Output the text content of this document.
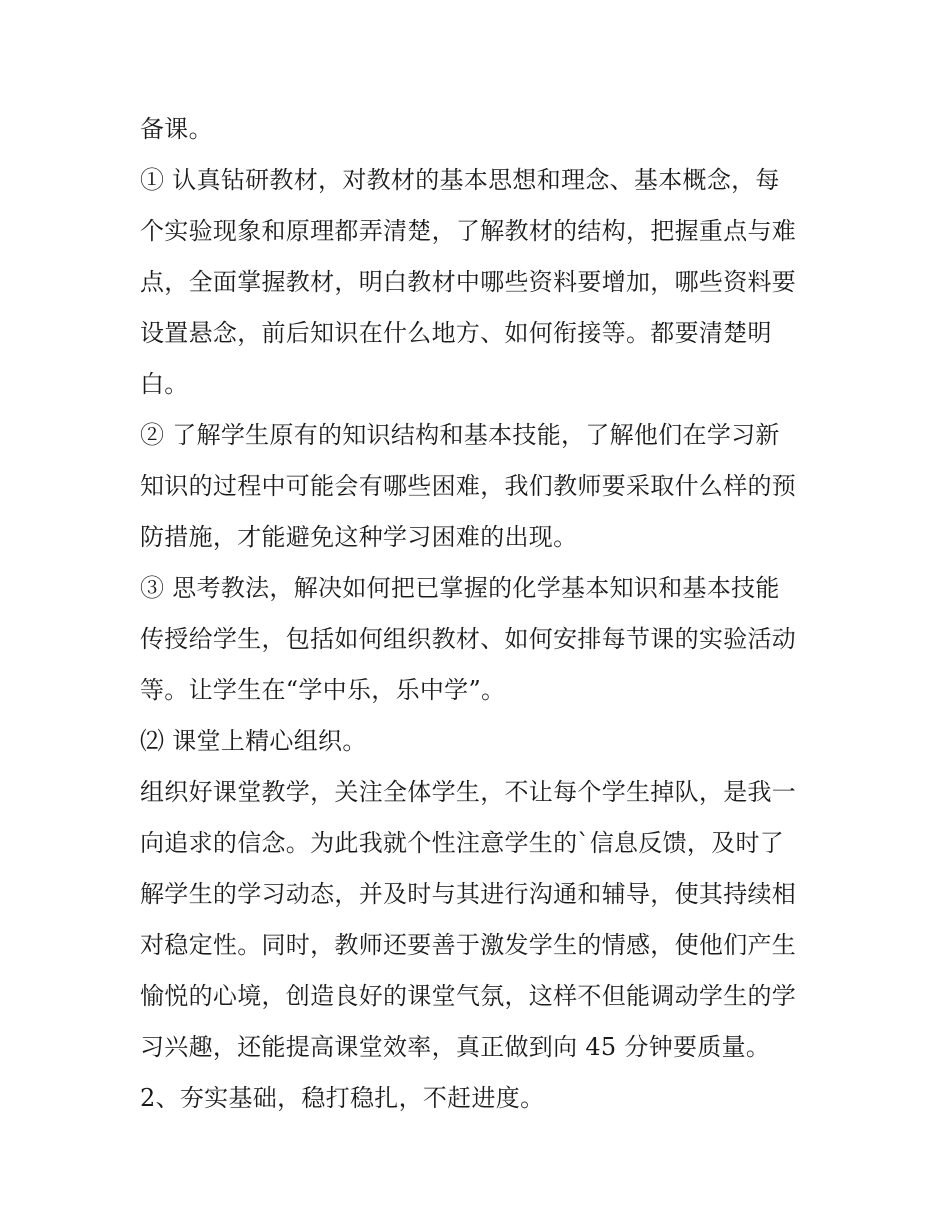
备课。
① 认真钻研教材，对教材的基本思想和理念、基本概念，每
个实验现象和原理都弄清楚，了解教材的结构，把握重点与难
点，全面掌握教材，明白教材中哪些资料要增加，哪些资料要
设置悬念，前后知识在什么地方、如何衔接等。都要清楚明
白。
② 了解学生原有的知识结构和基本技能，了解他们在学习新
知识的过程中可能会有哪些困难，我们教师要采取什么样的预
防措施，才能避免这种学习困难的出现。
③ 思考教法，解决如何把已掌握的化学基本知识和基本技能
传授给学生，包括如何组织教材、如何安排每节课的实验活动
等。让学生在“学中乐，乐中学”。
⑵ 课堂上精心组织。
组织好课堂教学，关注全体学生，不让每个学生掉队，是我一
向追求的信念。为此我就个性注意学生的`信息反馈，及时了
解学生的学习动态，并及时与其进行沟通和辅导，使其持续相
对稳定性。同时，教师还要善于激发学生的情感，使他们产生
愉悦的心境，创造良好的课堂气氛，这样不但能调动学生的学
习兴趣，还能提高课堂效率，真正做到向 45 分钟要质量。
2、夯实基础，稳打稳扎，不赶进度。
